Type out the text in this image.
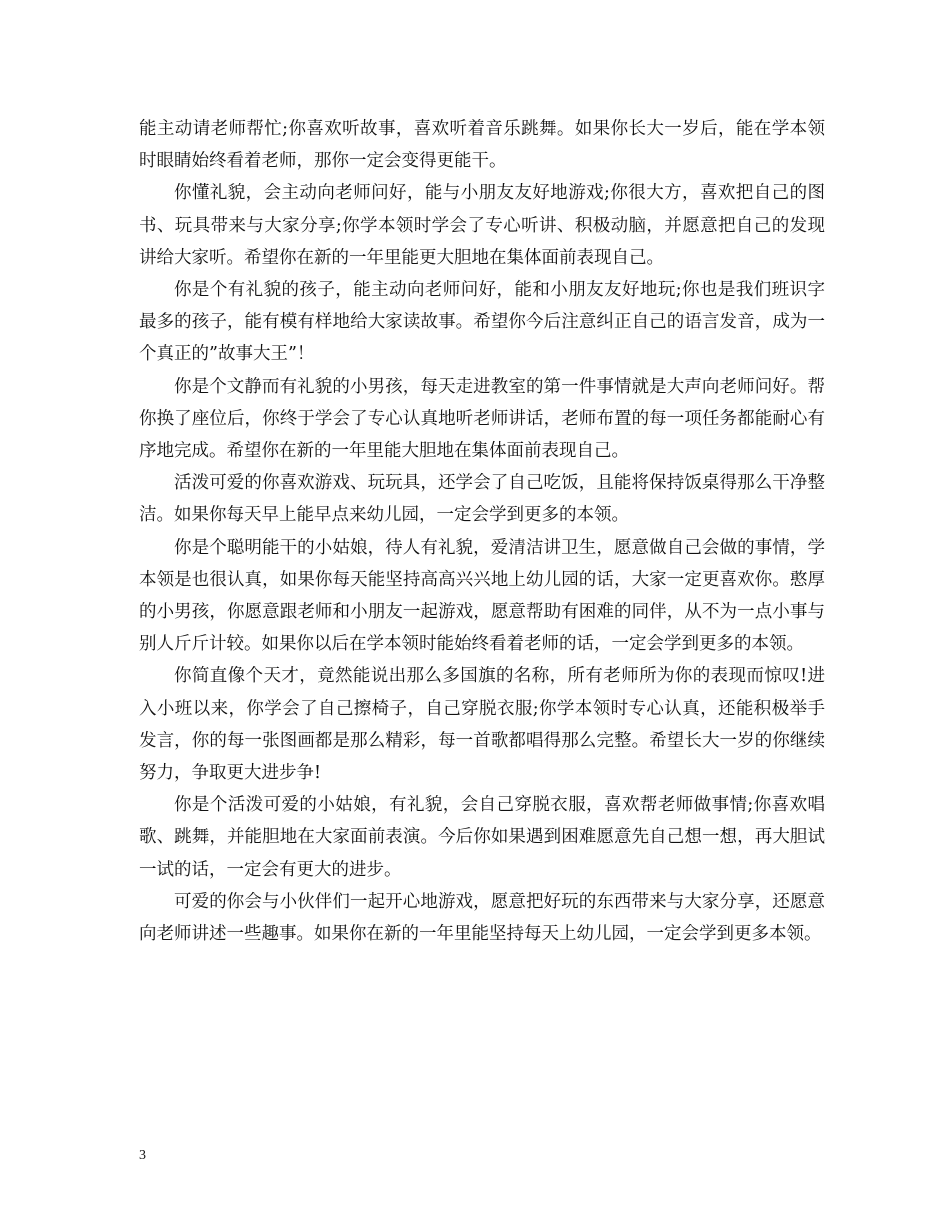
能主动请老师帮忙;你喜欢听故事，喜欢听着音乐跳舞。如果你长大一岁后，能在学本领时眼睛始终看着老师，那你一定会变得更能干。

你懂礼貌，会主动向老师问好，能与小朋友友好地游戏;你很大方，喜欢把自己的图书、玩具带来与大家分享;你学本领时学会了专心听讲、积极动脑，并愿意把自己的发现讲给大家听。希望你在新的一年里能更大胆地在集体面前表现自己。

你是个有礼貌的孩子，能主动向老师问好，能和小朋友友好地玩;你也是我们班识字最多的孩子，能有模有样地给大家读故事。希望你今后注意纠正自己的语言发音，成为一个真正的”故事大王”！

你是个文静而有礼貌的小男孩，每天走进教室的第一件事情就是大声向老师问好。帮你换了座位后，你终于学会了专心认真地听老师讲话，老师布置的每一项任务都能耐心有序地完成。希望你在新的一年里能大胆地在集体面前表现自己。

活泼可爱的你喜欢游戏、玩玩具，还学会了自己吃饭，且能将保持饭桌得那么干净整洁。如果你每天早上能早点来幼儿园，一定会学到更多的本领。

你是个聪明能干的小姑娘，待人有礼貌，爱清洁讲卫生，愿意做自己会做的事情，学本领是也很认真，如果你每天能坚持高高兴兴地上幼儿园的话，大家一定更喜欢你。憨厚的小男孩，你愿意跟老师和小朋友一起游戏，愿意帮助有困难的同伴，从不为一点小事与别人斤斤计较。如果你以后在学本领时能始终看着老师的话，一定会学到更多的本领。

你简直像个天才，竟然能说出那么多国旗的名称，所有老师所为你的表现而惊叹!进入小班以来，你学会了自己擦椅子，自己穿脱衣服;你学本领时专心认真，还能积极举手发言，你的每一张图画都是那么精彩，每一首歌都唱得那么完整。希望长大一岁的你继续努力，争取更大进步争!

你是个活泼可爱的小姑娘，有礼貌，会自己穿脱衣服，喜欢帮老师做事情;你喜欢唱歌、跳舞，并能胆地在大家面前表演。今后你如果遇到困难愿意先自己想一想，再大胆试一试的话，一定会有更大的进步。

可爱的你会与小伙伴们一起开心地游戏，愿意把好玩的东西带来与大家分享，还愿意向老师讲述一些趣事。如果你在新的一年里能坚持每天上幼儿园，一定会学到更多本领。

3
